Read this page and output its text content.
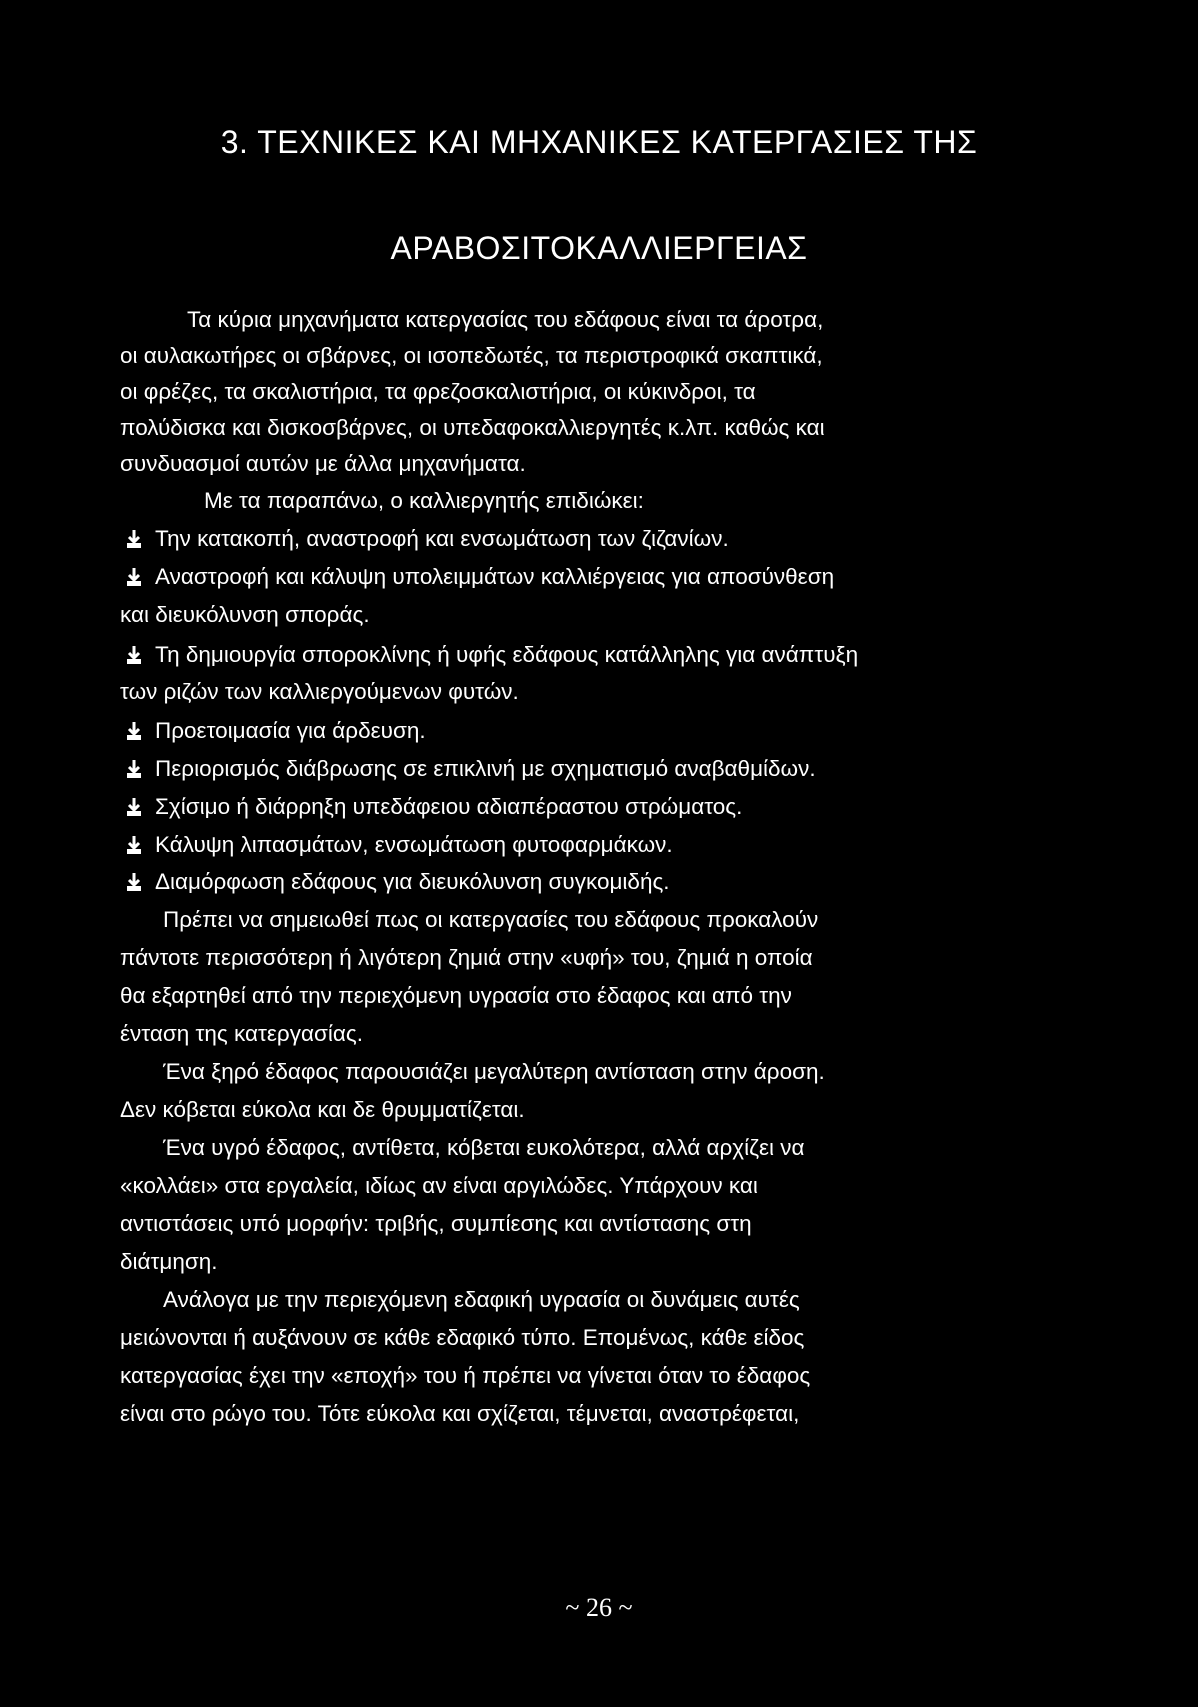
3. ΤΕΧΝΙΚΕΣ ΚΑΙ ΜΗΧΑΝΙΚΕΣ ΚΑΤΕΡΓΑΣΙΕΣ ΤΗΣ
ΑΡΑΒΟΣΙΤΟΚΑΛΛΙΕΡΓΕΙΑΣ
Τα κύρια μηχανήματα κατεργασίας του εδάφους είναι τα άροτρα,
οι αυλακωτήρες οι σβάρνες, οι ισοπεδωτές, τα περιστροφικά σκαπτικά,
οι φρέζες, τα σκαλιστήρια, τα φρεζοσκαλιστήρια, οι κύκινδροι, τα
πολύδισκα και δισκοσβάρνες, οι υπεδαφοκαλλιεργητές κ.λπ. καθώς και
συνδυασμοί αυτών με άλλα μηχανήματα.
Με τα παραπάνω, ο καλλιεργητής επιδιώκει:
Την κατακοπή, αναστροφή και ενσωμάτωση των ζιζανίων.
Αναστροφή και κάλυψη υπολειμμάτων καλλιέργειας για αποσύνθεση
και διευκόλυνση σποράς.
Τη δημιουργία σποροκλίνης ή υφής εδάφους κατάλληλης για ανάπτυξη
των ριζών των καλλιεργούμενων φυτών.
Προετοιμασία για άρδευση.
Περιορισμός διάβρωσης σε επικλινή με σχηματισμό αναβαθμίδων.
Σχίσιμο ή διάρρηξη υπεδάφειου αδιαπέραστου στρώματος.
Κάλυψη λιπασμάτων, ενσωμάτωση φυτοφαρμάκων.
Διαμόρφωση εδάφους για διευκόλυνση συγκομιδής.
Πρέπει να σημειωθεί πως οι κατεργασίες του εδάφους προκαλούν
πάντοτε περισσότερη ή λιγότερη ζημιά στην «υφή» του, ζημιά η οποία
θα εξαρτηθεί από την περιεχόμενη υγρασία στο έδαφος και από την
ένταση της κατεργασίας.
Ένα ξηρό έδαφος παρουσιάζει μεγαλύτερη αντίσταση στην άροση.
Δεν κόβεται εύκολα και δε θρυμματίζεται.
Ένα υγρό έδαφος, αντίθετα, κόβεται ευκολότερα, αλλά αρχίζει να
«κολλάει» στα εργαλεία, ιδίως αν είναι αργιλώδες. Υπάρχουν και
αντιστάσεις υπό μορφήν: τριβής, συμπίεσης και αντίστασης στη
διάτμηση.
Ανάλογα με την περιεχόμενη εδαφική υγρασία οι δυνάμεις αυτές
μειώνονται ή αυξάνουν σε κάθε εδαφικό τύπο. Επομένως, κάθε είδος
κατεργασίας έχει την «εποχή» του ή πρέπει να γίνεται όταν το έδαφος
είναι στο ρώγο του. Τότε εύκολα και σχίζεται, τέμνεται, αναστρέφεται,
~ 26 ~
